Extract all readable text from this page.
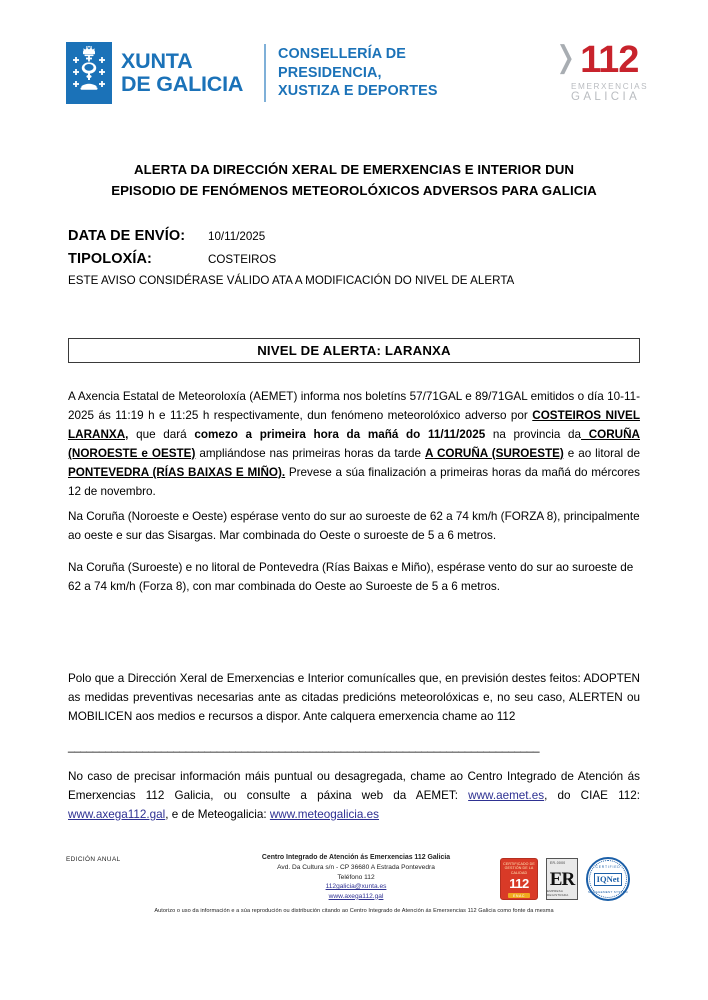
XUNTA
DE GALICIA
CONSELLERÍA DE
PRESIDENCIA,
XUSTIZA E DEPORTES
❭ 112
EMERXENCIAS
GALICIA
ALERTA DA DIRECCIÓN XERAL DE EMERXENCIAS E INTERIOR DUN
EPISODIO DE FENÓMENOS METEOROLÓXICOS ADVERSOS PARA GALICIA
DATA DE ENVÍO:	10/11/2025
TIPOLOXÍA:	COSTEIROS
ESTE AVISO CONSIDÉRASE VÁLIDO ATA A MODIFICACIÓN DO NIVEL DE ALERTA
NIVEL DE ALERTA: LARANXA

A Axencia Estatal de Meteoroloxía (AEMET) informa nos boletíns 57/71GAL e 89/71GAL emitidos o día 10-11-2025 ás 11:19 h e 11:25 h respectivamente, dun fenómeno meteorolóxico adverso por COSTEIROS NIVEL LARANXA, que dará comezo a primeira hora da mañá do 11/11/2025 na provincia da CORUÑA (NOROESTE e OESTE) ampliándose nas primeiras horas da tarde A CORUÑA (SUROESTE) e ao litoral de PONTEVEDRA (RÍAS BAIXAS E MIÑO). Prevese a súa finalización a primeiras horas da mañá do mércores 12 de novembro.

Na Coruña (Noroeste e Oeste) espérase vento do sur ao suroeste de 62 a 74 km/h (FORZA 8), principalmente ao oeste e sur das Sisargas. Mar combinada do Oeste o suroeste de 5 a 6 metros.

Na Coruña (Suroeste) e no litoral de Pontevedra (Rías Baixas e Miño), espérase vento do sur ao suroeste de 62 a 74 km/h (Forza 8), con mar combinada do Oeste ao Suroeste de 5 a 6 metros.

Polo que a Dirección Xeral de Emerxencias e Interior comunícalles que, en previsión destes feitos: ADOPTEN as medidas preventivas necesarias ante as citadas predicións meteorolóxicas e, no seu caso, ALERTEN ou MOBILICEN aos medios e recursos a dispor. Ante calquera emerxencia chame ao 112

____________________________________________________________________________

No caso de precisar información máis puntual ou desagregada, chame ao Centro Integrado de Atención ás Emerxencias 112 Galicia, ou consulte a páxina web da AEMET: www.aemet.es, do CIAE 112: www.axega112.gal, e de Meteogalicia: www.meteogalicia.es

EDICIÓN ANUAL	Centro Integrado de Atención ás Emerxencias 112 Galicia
Avd. Da Cultura s/n - CP 36680 A Estrada Pontevedra
Teléfono 112
112galicia@xunta.es
www.axega112.gal
CERTIFICADO DE GESTIÓN DE LA CALIDAD
112
ENAC
ER-0000
ER
EMPRESA REGISTRADA
CERTIFIED
IQNet
MANAGEMENT SYSTEM
Autorizo o uso da información e a súa reprodución ou distribución citando ao Centro Integrado de Atención ás Emerxencias 112 Galicia como fonte da mesma
